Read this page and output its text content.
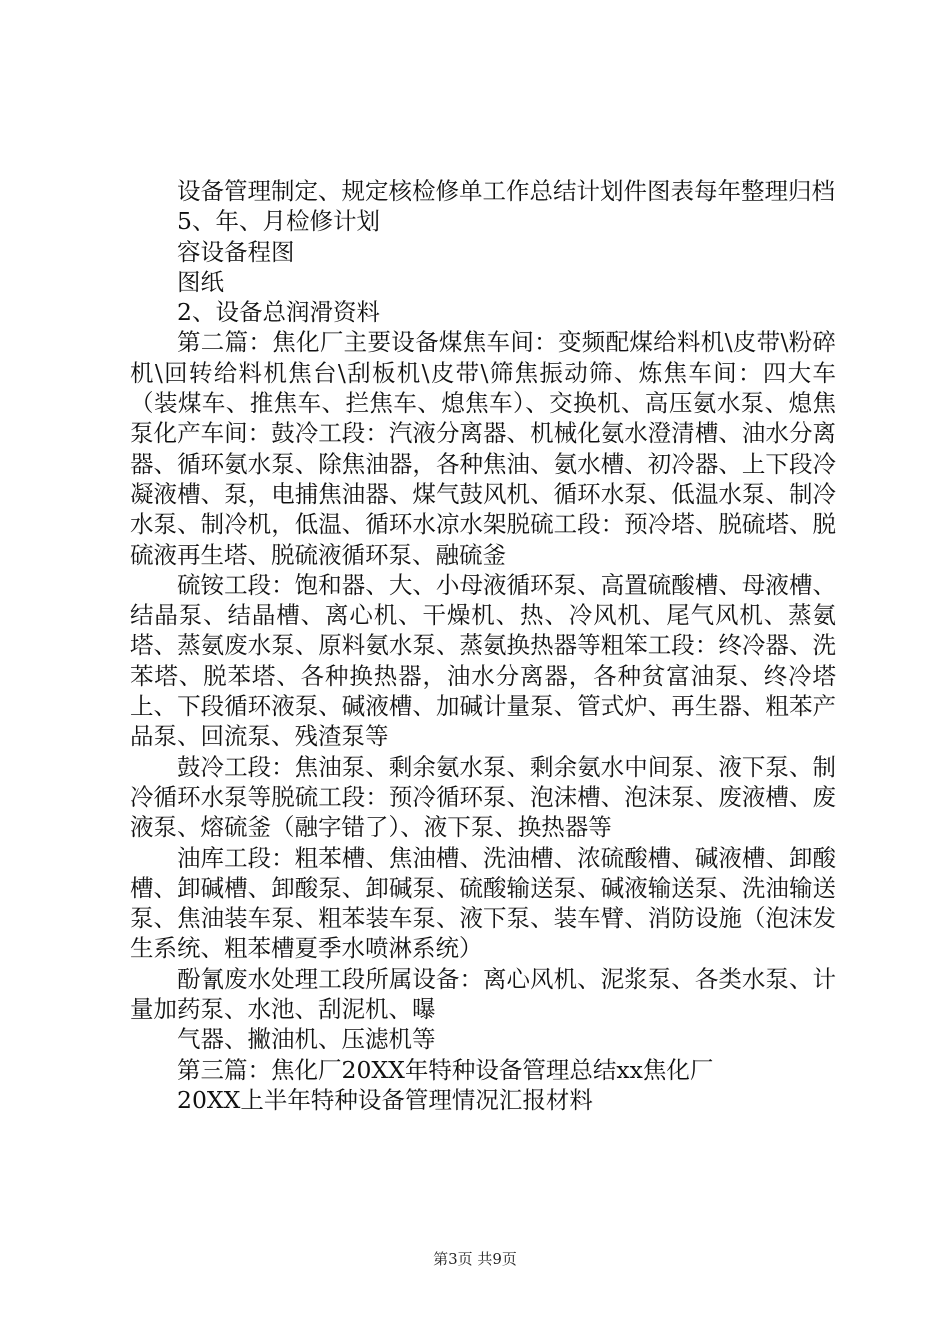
设备管理制定、规定核检修单工作总结计划件图表每年整理归档

5、年、月检修计划

容设备程图

图纸

2、设备总润滑资料

第二篇：焦化厂主要设备煤焦车间：变频配煤给料机\皮带\粉碎机\回转给料机焦台\刮板机\皮带\筛焦振动筛、炼焦车间：四大车（装煤车、推焦车、拦焦车、熄焦车）、交换机、高压氨水泵、熄焦泵化产车间：鼓冷工段：汽液分离器、机械化氨水澄清槽、油水分离器、循环氨水泵、除焦油器，各种焦油、氨水槽、初冷器、上下段冷凝液槽、泵，电捕焦油器、煤气鼓风机、循环水泵、低温水泵、制冷水泵、制冷机，低温、循环水凉水架脱硫工段：预冷塔、脱硫塔、脱硫液再生塔、脱硫液循环泵、融硫釜

硫铵工段：饱和器、大、小母液循环泵、高置硫酸槽、母液槽、结晶泵、结晶槽、离心机、干燥机、热、冷风机、尾气风机、蒸氨塔、蒸氨废水泵、原料氨水泵、蒸氨换热器等粗笨工段：终冷器、洗苯塔、脱苯塔、各种换热器，油水分离器，各种贫富油泵、终冷塔上、下段循环液泵、碱液槽、加碱计量泵、管式炉、再生器、粗苯产品泵、回流泵、残渣泵等

鼓冷工段：焦油泵、剩余氨水泵、剩余氨水中间泵、液下泵、制冷循环水泵等脱硫工段：预冷循环泵、泡沫槽、泡沫泵、废液槽、废液泵、熔硫釜（融字错了）、液下泵、换热器等

油库工段：粗苯槽、焦油槽、洗油槽、浓硫酸槽、碱液槽、卸酸槽、卸碱槽、卸酸泵、卸碱泵、硫酸输送泵、碱液输送泵、洗油输送泵、焦油装车泵、粗苯装车泵、液下泵、装车臂、消防设施（泡沫发生系统、粗苯槽夏季水喷淋系统）

酚氰废水处理工段所属设备：离心风机、泥浆泵、各类水泵、计量加药泵、水池、刮泥机、曝

气器、撇油机、压滤机等

第三篇：焦化厂20XX年特种设备管理总结xx焦化厂

20XX上半年特种设备管理情况汇报材料

第3页 共9页
